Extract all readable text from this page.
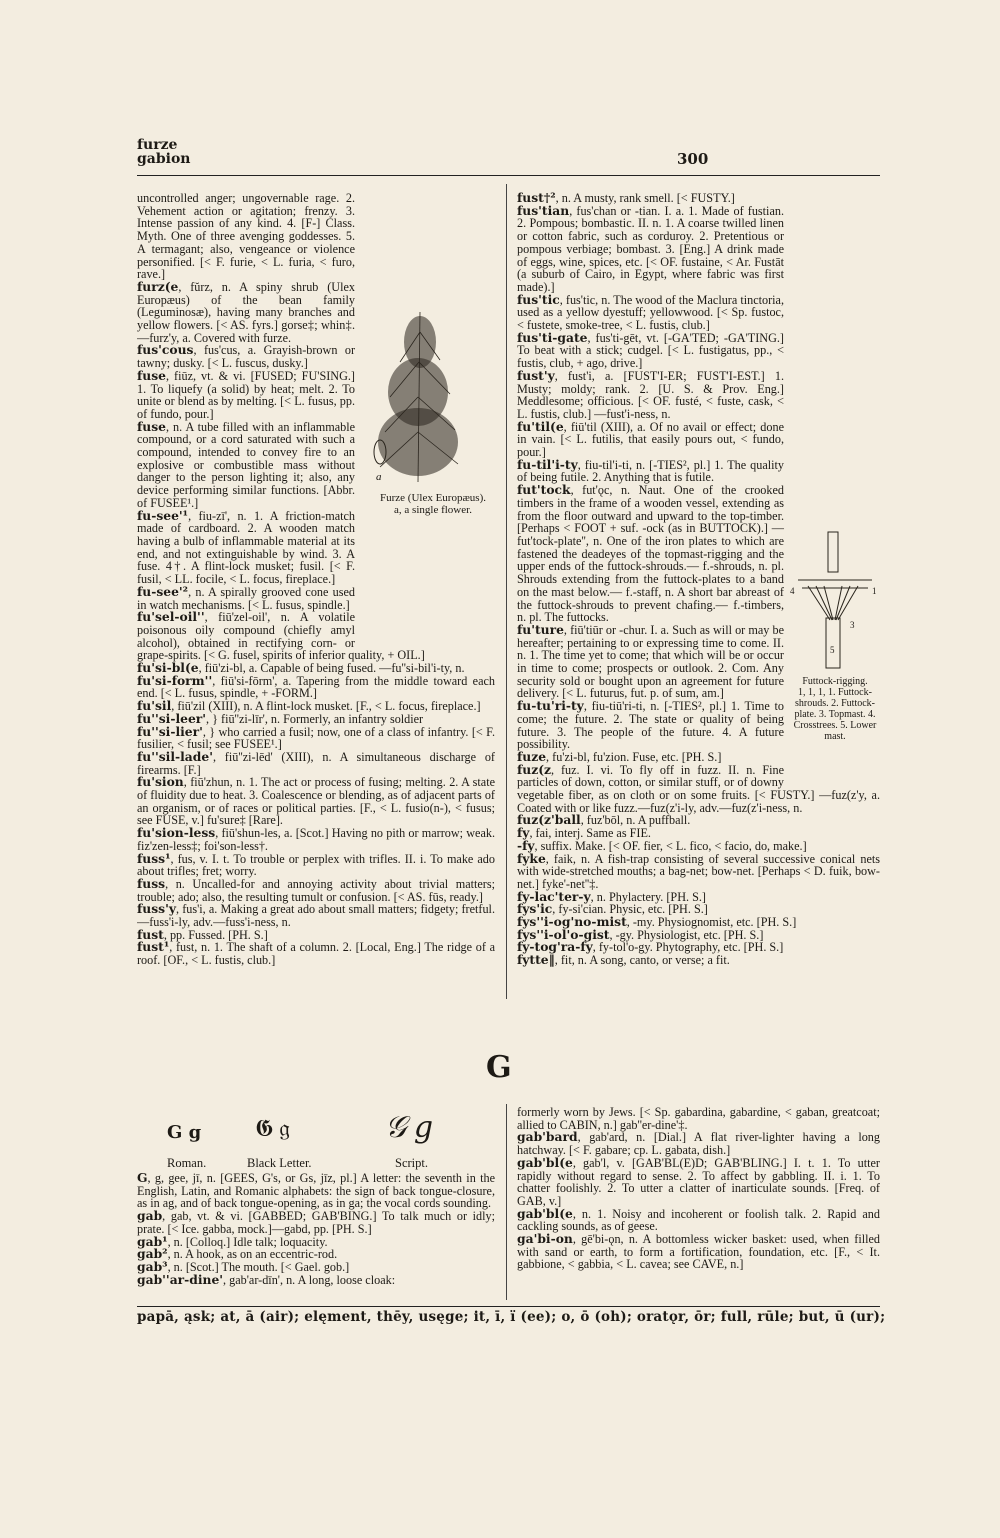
furze
gabion	300

uncontrolled anger; ungovernable rage. 2. Vehement action or agitation; frenzy. 3. Intense passion of any kind. 4. [F-] Class. Myth. One of three avenging goddesses. 5. A termagant; also, vengeance or violence personified. [< F. furie, < L. furia, < furo, rave.]

furz(e, fŭrz, n. A spiny shrub (Ulex Europæus) of the bean family (Leguminosæ), having many branches and yellow flowers. [< AS. fyrs.] gorse‡; whin‡. —furz'y, a. Covered with furze.

fus'cous, fus'cus, a. Grayish-brown or tawny; dusky. [< L. fuscus, dusky.]

fuse, fiūz, vt. & vi. [FUSED; FU'SING.] 1. To liquefy (a solid) by heat; melt. 2. To unite or blend as by melting. [< L. fusus, pp. of fundo, pour.]

fuse, n. A tube filled with an inflammable compound, or a cord saturated with such a compound, intended to convey fire to an explosive or combustible mass without danger to the person lighting it; also, any device performing similar functions. [Abbr. of FUSEE¹.]

fu-see'¹, fiu-zī', n. 1. A friction-match made of cardboard. 2. A wooden match having a bulb of inflammable material at its end, and not extinguishable by wind. 3. A fuse. 4†. A flint-lock musket; fusil. [< F. fusil, < LL. focile, < L. focus, fireplace.]

fu-see'², n. A spirally grooved cone used in watch mechanisms. [< L. fusus, spindle.]

fu'sel-oil'', fiū'zel-oil', n. A volatile poisonous oily compound (chiefly amyl alcohol), obtained in rectifying corn- or grape-spirits. [< G. fusel, spirits of inferior quality, + OIL.]

fu'si-bl(e, fiū'zi-bl, a. Capable of being fused. —fu''si-bil'i-ty, n.

fu'si-form'', fiū'si-fōrm', a. Tapering from the middle toward each end. [< L. fusus, spindle, + -FORM.]

fu'sil, fiū'zil (XIII), n. A flint-lock musket. [F., < L. focus, fireplace.]

fu''si-leer', } fiū''zi-līr', n. Formerly, an infantry soldier

fu''si-lier', } who carried a fusil; now, one of a class of infantry. [< F. fusilier, < fusil; see FUSEE¹.]

fu''sil-lade', fiū''zi-lēd' (XIII), n. A simultaneous discharge of firearms. [F.]

fu'sion, fiū'zhun, n. 1. The act or process of fusing; melting. 2. A state of fluidity due to heat. 3. Coalescence or blending, as of adjacent parts of an organism, or of races or political parties. [F., < L. fusio(n-), < fusus; see FUSE, v.] fu'sure‡ [Rare].

fu'sion-less, fiū'shun-les, a. [Scot.] Having no pith or marrow; weak. fiz'zen-less‡; foi'son-less†.

fuss¹, fus, v. I. t. To trouble or perplex with trifles. II. i. To make ado about trifles; fret; worry.

fuss, n. Uncalled-for and annoying activity about trivial matters; trouble; ado; also, the resulting tumult or confusion. [< AS. fūs, ready.]

fuss'y, fus'i, a. Making a great ado about small matters; fidgety; fretful.—fuss'i-ly, adv.—fuss'i-ness, n.

fust, pp. Fussed. [PH. S.]

fust¹, fust, n. 1. The shaft of a column. 2. [Local, Eng.] The ridge of a roof. [OF., < L. fustis, club.]

fust†², n. A musty, rank smell. [< FUSTY.]

fus'tian, fus'chan or -tian. I. a. 1. Made of fustian. 2. Pompous; bombastic. II. n. 1. A coarse twilled linen or cotton fabric, such as corduroy. 2. Pretentious or pompous verbiage; bombast. 3. [Eng.] A drink made of eggs, wine, spices, etc. [< OF. fustaine, < Ar. Fustāt (a suburb of Cairo, in Egypt, where fabric was first made).]

fus'tic, fus'tic, n. The wood of the Maclura tinctoria, used as a yellow dyestuff; yellowwood. [< Sp. fustoc, < fustete, smoke-tree, < L. fustis, club.]

fus'ti-gate, fus'ti-gēt, vt. [-GA'TED; -GA'TING.] To beat with a stick; cudgel. [< L. fustigatus, pp., < fustis, club, + ago, drive.]

fust'y, fust'i, a. [FUST'I-ER; FUST'I-EST.] 1. Musty; moldy; rank. 2. [U. S. & Prov. Eng.] Meddlesome; officious. [< OF. fusté, < fuste, cask, < L. fustis, club.] —fust'i-ness, n.

fu'til(e, fiū'til (XIII), a. Of no avail or effect; done in vain. [< L. futilis, that easily pours out, < fundo, pour.]

fu-til'i-ty, fiu-til'i-ti, n. [-TIES², pl.] 1. The quality of being futile. 2. Anything that is futile.

fut'tock, fut'ǫc, n. Naut. One of the crooked timbers in the frame of a wooden vessel, extending as from the floor outward and upward to the top-timber. [Perhaps < FOOT + suf. -ock (as in BUTTOCK).] — fut'tock-plate'', n. One of the iron plates to which are fastened the deadeyes of the topmast-rigging and the upper ends of the futtock-shrouds.— f.-shrouds, n. pl. Shrouds extending from the futtock-plates to a band on the mast below.— f.-staff, n. A short bar abreast of the futtock-shrouds to prevent chafing.— f.-timbers, n. pl. The futtocks.

fu'ture, fiū'tiūr or -chur. I. a. Such as will or may be hereafter; pertaining to or expressing time to come. II. n. 1. The time yet to come; that which will be or occur in time to come; prospects or outlook. 2. Com. Any security sold or bought upon an agreement for future delivery. [< L. futurus, fut. p. of sum, am.]

fu-tu'ri-ty, fiu-tiū'ri-ti, n. [-TIES², pl.] 1. Time to come; the future. 2. The state or quality of being future. 3. The people of the future. 4. A future possibility.

fuze, fu'zi-bl, fu'zion. Fuse, etc. [PH. S.]

fuz(z, fuz. I. vi. To fly off in fuzz. II. n. Fine particles of down, cotton, or similar stuff, or of downy vegetable fiber, as on cloth or on some fruits. [< FUSTY.] —fuz(z'y, a. Coated with or like fuzz.—fuz(z'i-ly, adv.—fuz(z'i-ness, n.

fuz(z'ball, fuz'bōl, n. A puffball.

fy, fai, interj. Same as FIE.

-fy, suffix. Make. [< OF. fier, < L. fico, < facio, do, make.]

fyke, faik, n. A fish-trap consisting of several successive conical nets with wide-stretched mouths; a bag-net; bow-net. [Perhaps < D. fuik, bow-net.] fyke'-net''‡.

fy-lac'ter-y, n. Phylactery. [PH. S.]

fys'ic, fy-si'cian. Physic, etc. [PH. S.]

fys''i-og'no-mist, -my. Physiognomist, etc. [PH. S.]

fys''i-ol'o-gist, -gy. Physiologist, etc. [PH. S.]

fy-tog'ra-fy, fy-tol'o-gy. Phytography, etc. [PH. S.]

fytte‖, fit, n. A song, canto, or verse; a fit.

a
Furze (Ulex Europæus).
a, a single flower.
4	1
3
5
Futtock-rigging.
1, 1, 1, 1. Futtock-shrouds. 2. Futtock-plate. 3. Topmast. 4. Crosstrees. 5. Lower mast.
G
G g 𝕲 𝔤	𝒢 𝑔
Roman.	Black Letter.	Script.

G, g, gee, jī, n. [GEES, G's, or Gs, jīz, pl.] A letter: the seventh in the English, Latin, and Romanic alphabets: the sign of back tongue-closure, as in ag, and of back tongue-opening, as in ga; the vocal cords sounding.

gab, gab, vt. & vi. [GABBED; GAB'BING.] To talk much or idly; prate. [< Ice. gabba, mock.]—gabd, pp. [PH. S.]

gab¹, n. [Colloq.] Idle talk; loquacity.

gab², n. A hook, as on an eccentric-rod.

gab³, n. [Scot.] The mouth. [< Gael. gob.]

gab''ar-dine', gab'ar-dīn', n. A long, loose cloak:

formerly worn by Jews. [< Sp. gabardina, gabardine, < gaban, greatcoat; allied to CABIN, n.] gab''er-dine'‡.

gab'bard, gab'ard, n. [Dial.] A flat river-lighter having a long hatchway. [< F. gabare; cp. L. gabata, dish.]

gab'bl(e, gab'l, v. [GAB'BL(E)D; GAB'BLING.] I. t. 1. To utter rapidly without regard to sense. 2. To affect by gabbling. II. i. 1. To chatter foolishly. 2. To utter a clatter of inarticulate sounds. [Freq. of GAB, v.]

gab'bl(e, n. 1. Noisy and incoherent or foolish talk. 2. Rapid and cackling sounds, as of geese.

ga'bi-on, gē'bi-ǫn, n. A bottomless wicker basket: used, when filled with sand or earth, to form a fortification, foundation, etc. [F., < It. gabbione, < gabbia, < L. cavea; see CAVE, n.]

papā, ąsk; at, ā (air); elęment, thēy, usęge; it, ī, ï (ee); o, ō (oh); oratǫr, ōr; full, rūle; but, ū (ur);
